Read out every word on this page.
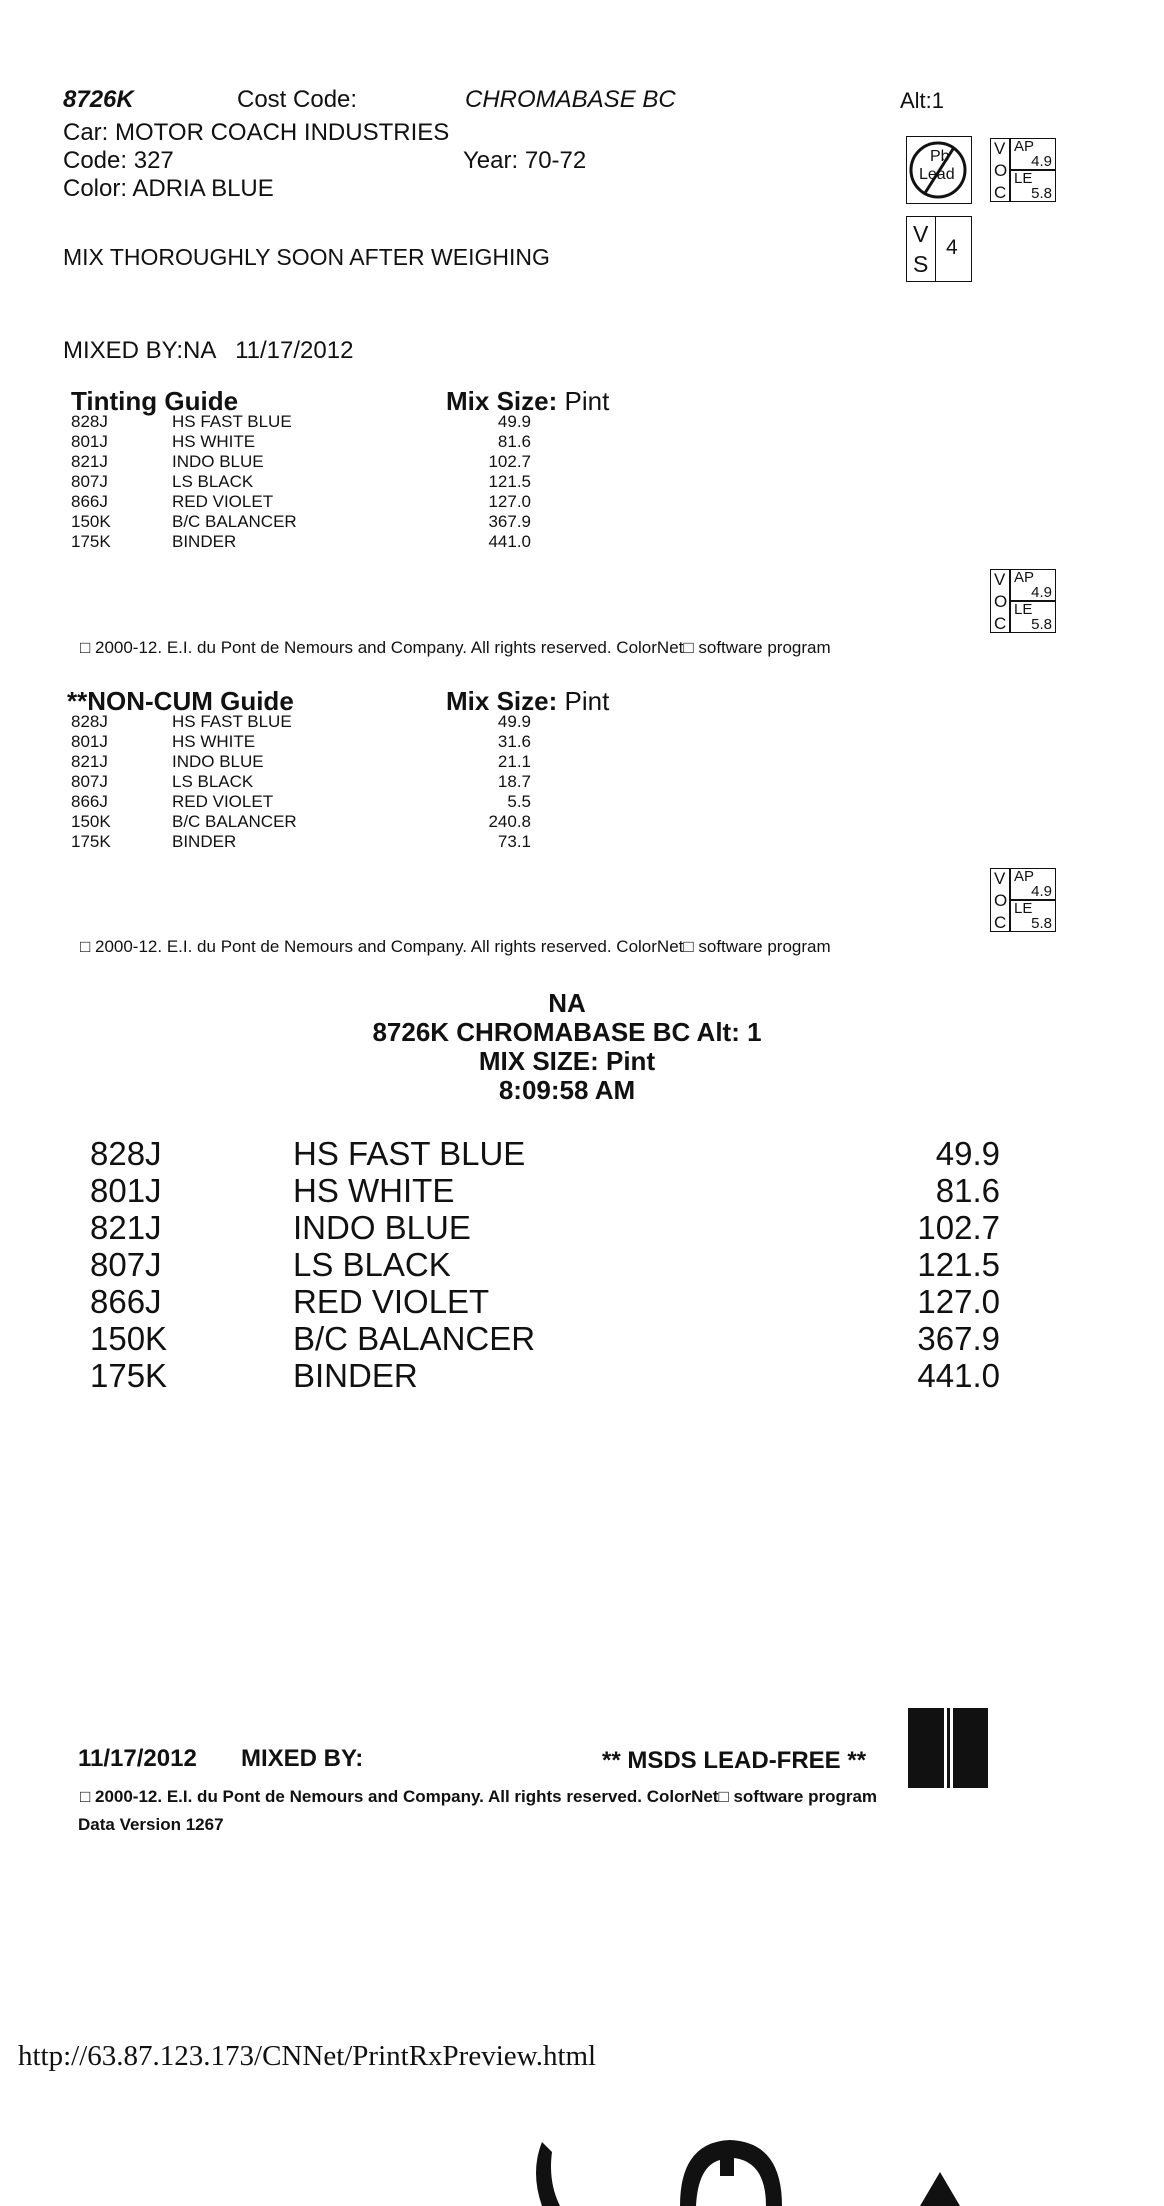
8726K	Cost Code:	CHROMABASE BC	Alt:1
Car: MOTOR COACH INDUSTRIES
Code: 327	Year: 70-72
Color: ADRIA BLUE
MIX THOROUGHLY SOON AFTER WEIGHING
MIXED BY:NA 11/17/2012
Pb
Lead
V
O
C
AP
4.9
LE
5.8
V
S
4
Tinting Guide	Mix Size: Pint
828J	HS FAST BLUE	49.9
801J	HS WHITE	81.6
821J	INDO BLUE	102.7
807J	LS BLACK	121.5
866J	RED VIOLET	127.0
150K	B/C BALANCER	367.9
175K	BINDER	441.0
V
O
C
AP
4.9
LE
5.8
□ 2000-12. E.I. du Pont de Nemours and Company. All rights reserved. ColorNet□ software program
**NON-CUM Guide	Mix Size: Pint
828J	HS FAST BLUE	49.9
801J	HS WHITE	31.6
821J	INDO BLUE	21.1
807J	LS BLACK	18.7
866J	RED VIOLET	5.5
150K	B/C BALANCER	240.8
175K	BINDER	73.1
V
O
C
AP
4.9
LE
5.8
□ 2000-12. E.I. du Pont de Nemours and Company. All rights reserved. ColorNet□ software program
NA
8726K CHROMABASE BC Alt: 1
MIX SIZE: Pint
8:09:58 AM
828J	HS FAST BLUE	49.9
801J	HS WHITE	81.6
821J	INDO BLUE	102.7
807J	LS BLACK	121.5
866J	RED VIOLET	127.0
150K	B/C BALANCER	367.9
175K	BINDER	441.0
11/17/2012 MIXED BY:	** MSDS LEAD-FREE **
□ 2000-12. E.I. du Pont de Nemours and Company. All rights reserved. ColorNet□ software program
Data Version 1267
http://63.87.123.173/CNNet/PrintRxPreview.html
